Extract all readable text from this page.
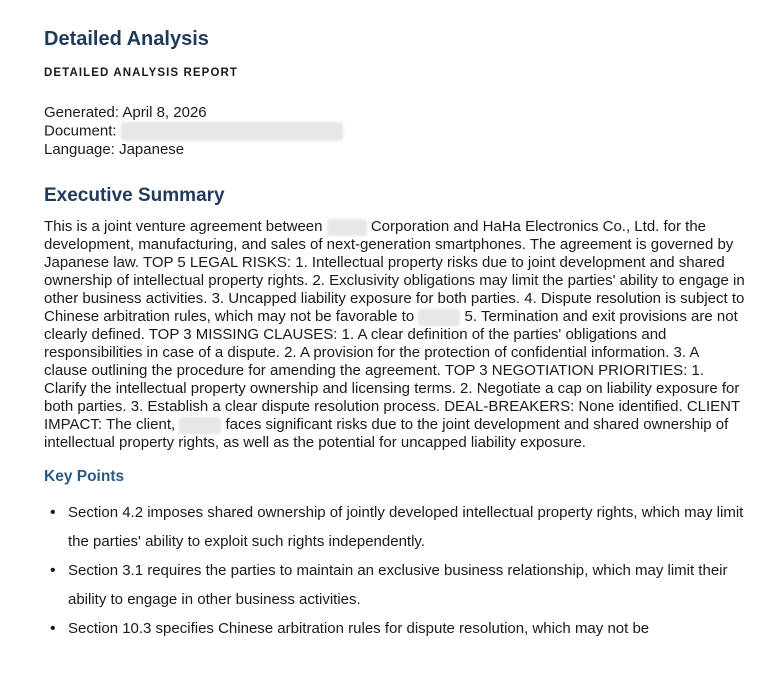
Detailed Analysis
DETAILED ANALYSIS REPORT
Generated: April 8, 2026
Document:
Language: Japanese
Executive Summary
This is a joint venture agreement between	Corporation and HaHa Electronics Co., Ltd. for the development, manufacturing, and sales of next-generation smartphones. The agreement is governed by Japanese law. TOP 5 LEGAL RISKS: 1. Intellectual property risks due to joint development and shared ownership of intellectual property rights. 2. Exclusivity obligations may limit the parties' ability to engage in other business activities. 3. Uncapped liability exposure for both parties. 4. Dispute resolution is subject to Chinese arbitration rules, which may not be favorable to	5. Termination and exit provisions are not clearly defined. TOP 3 MISSING CLAUSES: 1. A clear definition of the parties' obligations and responsibilities in case of a dispute. 2. A provision for the protection of confidential information. 3. A clause outlining the procedure for amending the agreement. TOP 3 NEGOTIATION PRIORITIES: 1. Clarify the intellectual property ownership and licensing terms. 2. Negotiate a cap on liability exposure for both parties. 3. Establish a clear dispute resolution process. DEAL-BREAKERS: None identified. CLIENT IMPACT: The client,	faces significant risks due to the joint development and shared ownership of intellectual property rights, as well as the potential for uncapped liability exposure.
Key Points
• Section 4.2 imposes shared ownership of jointly developed intellectual property rights, which may limit the parties' ability to exploit such rights independently.
• Section 3.1 requires the parties to maintain an exclusive business relationship, which may limit their ability to engage in other business activities.
• Section 10.3 specifies Chinese arbitration rules for dispute resolution, which may not be
